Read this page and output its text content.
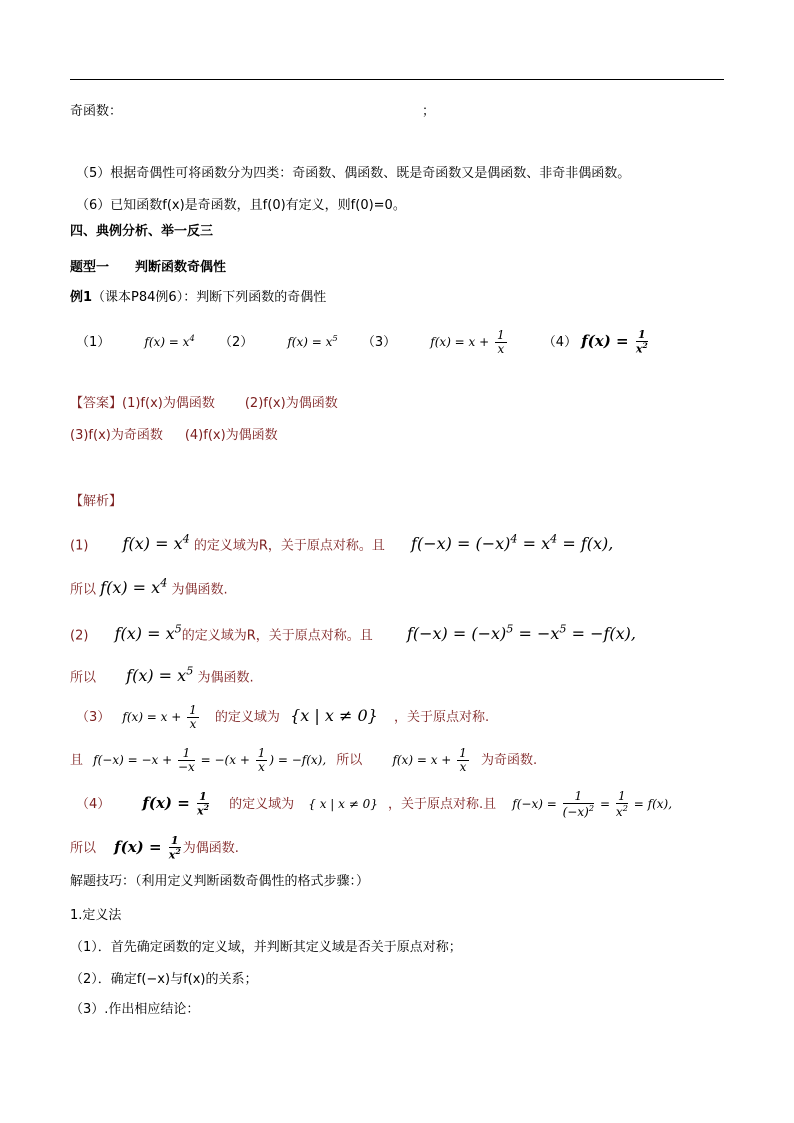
奇函数：	；
（5）根据奇偶性可将函数分为四类：奇函数、偶函数、既是奇函数又是偶函数、非奇非偶函数。
（6）已知函数f(x)是奇函数，且f(0)有定义，则f(0)=0。
四、典例分析、举一反三
题型一　　判断函数奇偶性
例1（课本P84例6）：判断下列函数的奇偶性
（1）	$f(x) = x^4$ （2）	$f(x) = x^5$ （3）	$f(x) = x + \frac{1}{x}$	（4） $f(x) = \frac{1}{x^2}$
【答案】(1)f(x)为偶函数 (2)f(x)为偶函数
(3)f(x)为奇函数 (4)f(x)为偶函数
【解析】
(1) $f(x) = x^4$ 的定义域为R，关于原点对称。且 $f(-x) = (-x)^4 = x^4 = f(x)$,
所以 $f(x) = x^4$ 为偶函数.
(2) $f(x) = x^5$的定义域为R，关于原点对称。且 $f(-x) = (-x)^5 = -x^5 = -f(x)$,
所以 $f(x) = x^5$ 为偶函数.
（3） $f(x) = x + \frac{1}{x}$ 的定义域为 {x | x ≠ 0} ，关于原点对称.
且 $f(-x) = -x + \frac{1}{-x} = -(x + \frac{1}{x}$ ) = −f(x), 所以	$f(x) = x + \frac{1}{x}$ 为奇函数.
（4） $f(x) = \frac{1}{x^2}$ 的定义域为 { x | x ≠ 0} ，关于原点对称.且 $f(-x) = \frac{1}{(-x)^2} = \frac{1}{x^2} = f(x)$,
所以 $f(x) = \frac{1}{x^2}$ 为偶函数.
解题技巧：（利用定义判断函数奇偶性的格式步骤：）
1.定义法
（1）．首先确定函数的定义域，并判断其定义域是否关于原点对称；
（2）．确定f(−x)与f(x)的关系；
（3）.作出相应结论：
